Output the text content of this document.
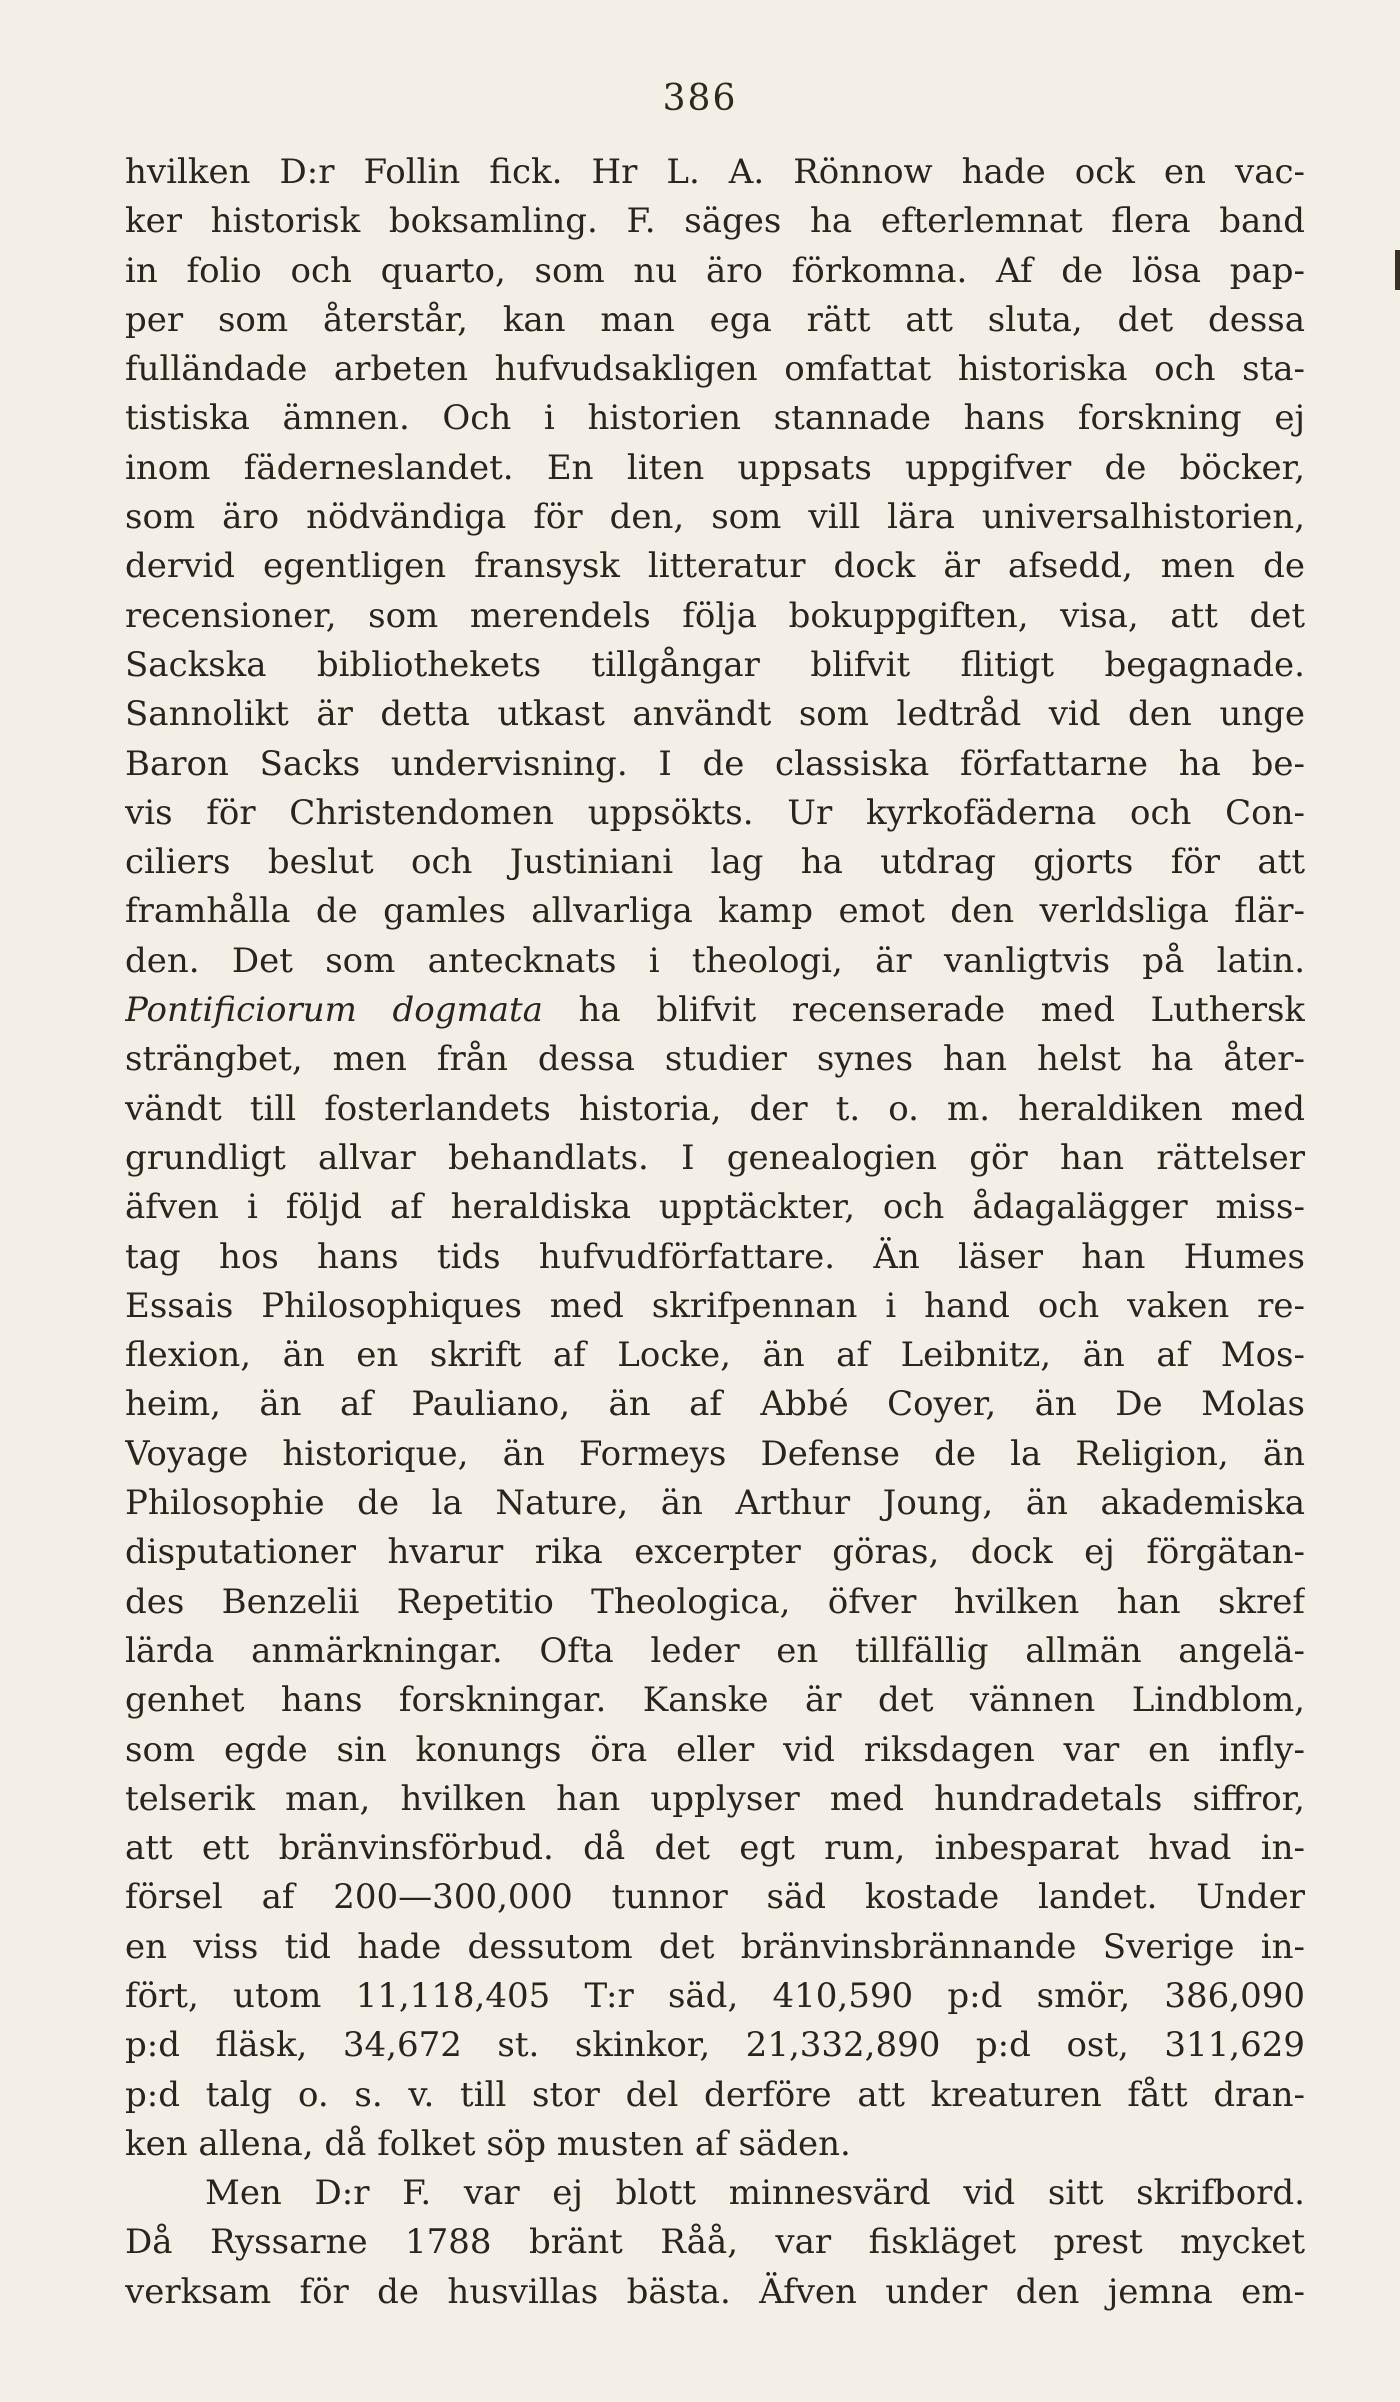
386
hvilken D:r Follin fick. Hr L. A. Rönnow hade ock en vac-
ker historisk boksamling. F. säges ha efterlemnat flera band
in folio och quarto, som nu äro förkomna. Af de lösa pap-
per som återstår, kan man ega rätt att sluta, det dessa
fulländade arbeten hufvudsakligen omfattat historiska och sta-
tistiska ämnen. Och i historien stannade hans forskning ej
inom fäderneslandet. En liten uppsats uppgifver de böcker,
som äro nödvändiga för den, som vill lära universalhistorien,
dervid egentligen fransysk litteratur dock är afsedd, men de
recensioner, som merendels följa bokuppgiften, visa, att det
Sackska bibliothekets tillgångar blifvit flitigt begagnade.
Sannolikt är detta utkast användt som ledtråd vid den unge
Baron Sacks undervisning. I de classiska författarne ha be-
vis för Christendomen uppsökts. Ur kyrkofäderna och Con-
ciliers beslut och Justiniani lag ha utdrag gjorts för att
framhålla de gamles allvarliga kamp emot den verldsliga flär-
den. Det som antecknats i theologi, är vanligtvis på latin.
Pontificiorum dogmata ha blifvit recenserade med Luthersk
strängbet, men från dessa studier synes han helst ha åter-
vändt till fosterlandets historia, der t. o. m. heraldiken med
grundligt allvar behandlats. I genealogien gör han rättelser
äfven i följd af heraldiska upptäckter, och ådagalägger miss-
tag hos hans tids hufvudförfattare. Än läser han Humes
Essais Philosophiques med skrifpennan i hand och vaken re-
flexion, än en skrift af Locke, än af Leibnitz, än af Mos-
heim, än af Pauliano, än af Abbé Coyer, än De Molas
Voyage historique, än Formeys Defense de la Religion, än
Philosophie de la Nature, än Arthur Joung, än akademiska
disputationer hvarur rika excerpter göras, dock ej förgätan-
des Benzelii Repetitio Theologica, öfver hvilken han skref
lärda anmärkningar. Ofta leder en tillfällig allmän angelä-
genhet hans forskningar. Kanske är det vännen Lindblom,
som egde sin konungs öra eller vid riksdagen var en infly-
telserik man, hvilken han upplyser med hundradetals siffror,
att ett bränvinsförbud. då det egt rum, inbesparat hvad in-
försel af 200—300,000 tunnor säd kostade landet. Under
en viss tid hade dessutom det bränvinsbrännande Sverige in-
fört, utom 11,118,405 T:r säd, 410,590 p:d smör, 386,090
p:d fläsk, 34,672 st. skinkor, 21,332,890 p:d ost, 311,629
p:d talg o. s. v. till stor del derföre att kreaturen fått dran-
ken allena, då folket söp musten af säden.
Men D:r F. var ej blott minnesvärd vid sitt skrifbord.
Då Ryssarne 1788 bränt Råå, var fiskläget prest mycket
verksam för de husvillas bästa. Äfven under den jemna em-
